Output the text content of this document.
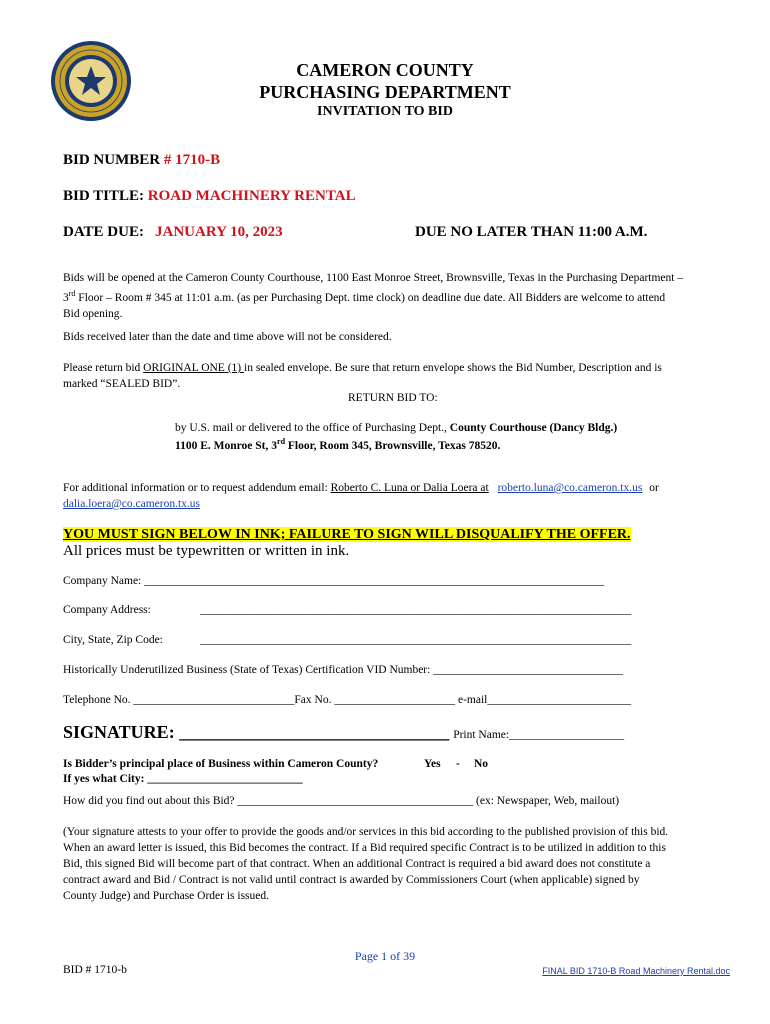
CAMERON COUNTY
PURCHASING DEPARTMENT
INVITATION TO BID
BID NUMBER # 1710-B
BID TITLE: ROAD MACHINERY RENTAL
DATE DUE: JANUARY 10, 2023	DUE NO LATER THAN 11:00 A.M.
Bids will be opened at the Cameron County Courthouse, 1100 East Monroe Street, Brownsville, Texas in the Purchasing Department –
3rd Floor – Room # 345 at 11:01 a.m. (as per Purchasing Dept. time clock) on deadline due date. All Bidders are welcome to attend
Bid opening.
Bids received later than the date and time above will not be considered.
Please return bid ORIGINAL ONE (1) in sealed envelope. Be sure that return envelope shows the Bid Number, Description and is
marked “SEALED BID”.
RETURN BID TO:
by U.S. mail or delivered to the office of Purchasing Dept., County Courthouse (Dancy Bldg.)
1100 E. Monroe St, 3rd Floor, Room 345, Brownsville, Texas 78520.
For additional information or to request addendum email: Roberto C. Luna or Dalia Loera at roberto.luna@co.cameron.tx.us or
dalia.loera@co.cameron.tx.us
YOU MUST SIGN BELOW IN INK; FAILURE TO SIGN WILL DISQUALIFY THE OFFER.
All prices must be typewritten or written in ink.
Company Name: ________________________________________________________________________________
Company Address:	___________________________________________________________________________
City, State, Zip Code:	___________________________________________________________________________
Historically Underutilized Business (State of Texas) Certification VID Number: _________________________________
Telephone No. ____________________________Fax No. _____________________ e-mail_________________________
SIGNATURE: ______________________________ Print Name:____________________
Is Bidder’s principal place of Business within Cameron County?	Yes - No
If yes what City: ___________________________
How did you find out about this Bid? _________________________________________ (ex: Newspaper, Web, mailout)
(Your signature attests to your offer to provide the goods and/or services in this bid according to the published provision of this bid.
When an award letter is issued, this Bid becomes the contract. If a Bid required specific Contract is to be utilized in addition to this
Bid, this signed Bid will become part of that contract. When an additional Contract is required a bid award does not constitute a
contract award and Bid / Contract is not valid until contract is awarded by Commissioners Court (when applicable) signed by
County Judge) and Purchase Order is issued.
Page 1 of 39
BID # 1710-b	FINAL BID 1710-B Road Machinery Rental.doc
